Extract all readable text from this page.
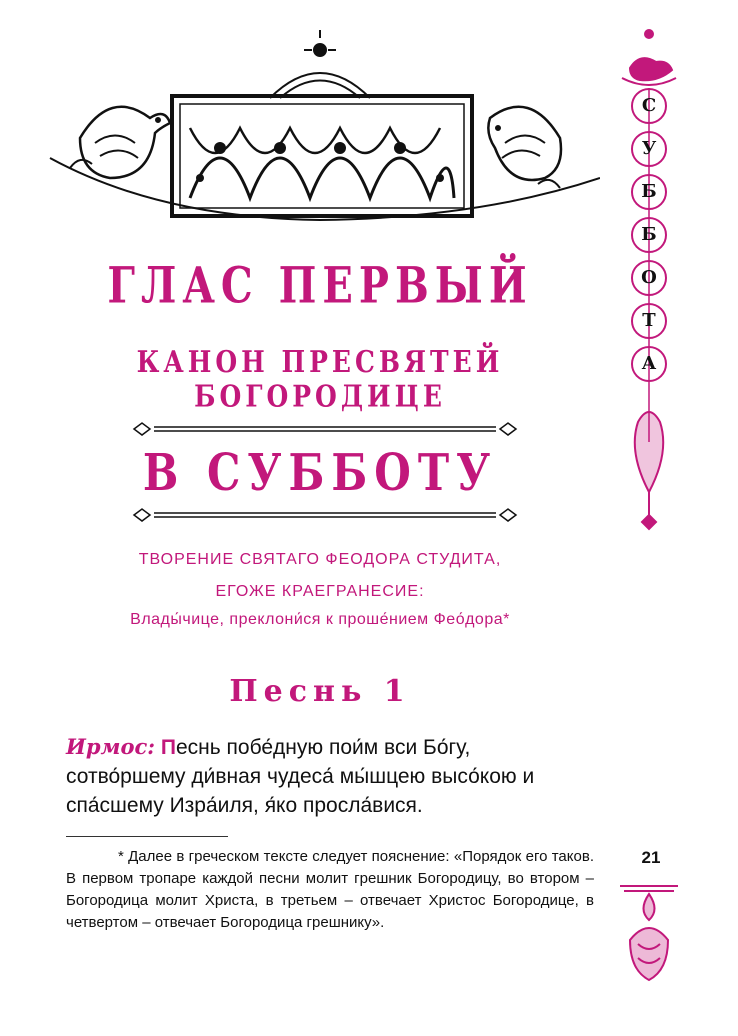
ГЛАС ПЕРВЫЙ
КАНОН ПРЕСВЯТЕЙ БОГОРОДИЦЕ
В СУББОТУ
ТВОРЕНИЕ СВЯТАГО ФЕОДОРА СТУДИТА,
ЕГОЖЕ КРАЕГРАНЕСИЕ:
Влады́чице, преклони́ся к проше́нием Фео́дора*
Песнь 1
Ирмос: Песнь побе́дную пои́м вси Бо́гу, сотво́ршему ди́вная чудеса́ мы́шцею высо́кою и спа́сшему Изра́иля, я́ко просла́вися.
* Далее в греческом тексте следует пояснение: «Порядок его таков. В первом тропаре каждой песни молит грешник Богородицу, во втором – Богородица молит Христа, в третьем – отвечает Христос Богородице, в четвертом – отвечает Богородица грешнику».
С
У
Б
Б
О
Т
А
21
